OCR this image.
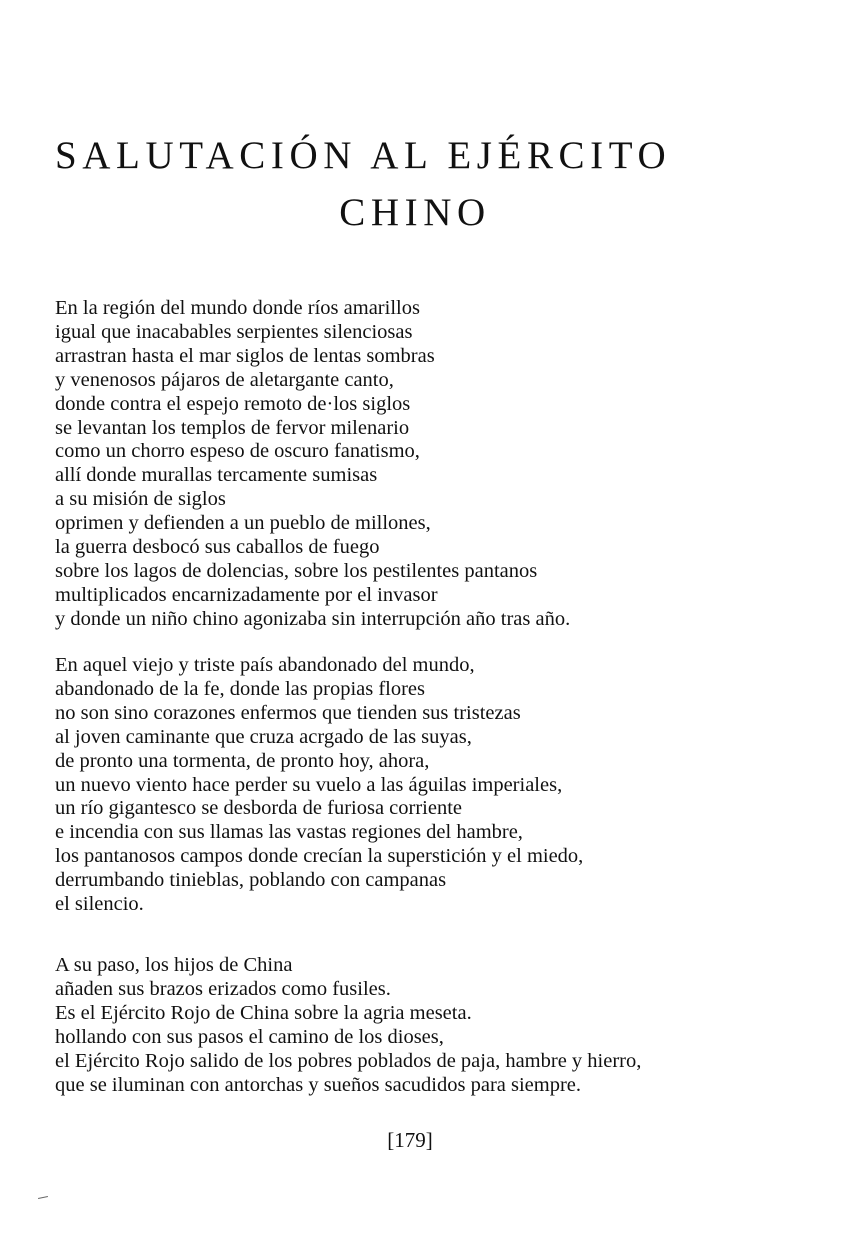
SALUTACIÓN AL EJÉRCITO
CHINO
En la región del mundo donde ríos amarillos
igual que inacabables serpientes silenciosas
arrastran hasta el mar siglos de lentas sombras
y venenosos pájaros de aletargante canto,
donde contra el espejo remoto de·los siglos
se levantan los templos de fervor milenario
como un chorro espeso de oscuro fanatismo,
allí donde murallas tercamente sumisas
a su misión de siglos
oprimen y defienden a un pueblo de millones,
la guerra desbocó sus caballos de fuego
sobre los lagos de dolencias, sobre los pestilentes pantanos
multiplicados encarnizadamente por el invasor
y donde un niño chino agonizaba sin interrupción año tras año.
En aquel viejo y triste país abandonado del mundo,
abandonado de la fe, donde las propias flores
no son sino corazones enfermos que tienden sus tristezas
al joven caminante que cruza acrgado de las suyas,
de pronto una tormenta, de pronto hoy, ahora,
un nuevo viento hace perder su vuelo a las águilas imperiales,
un río gigantesco se desborda de furiosa corriente
e incendia con sus llamas las vastas regiones del hambre,
los pantanosos campos donde crecían la superstición y el miedo,
derrumbando tinieblas, poblando con campanas
el silencio.
A su paso, los hijos de China
añaden sus brazos erizados como fusiles.
Es el Ejército Rojo de China sobre la agria meseta.
hollando con sus pasos el camino de los dioses,
el Ejército Rojo salido de los pobres poblados de paja, hambre y hierro,
que se iluminan con antorchas y sueños sacudidos para siempre.
[179]
